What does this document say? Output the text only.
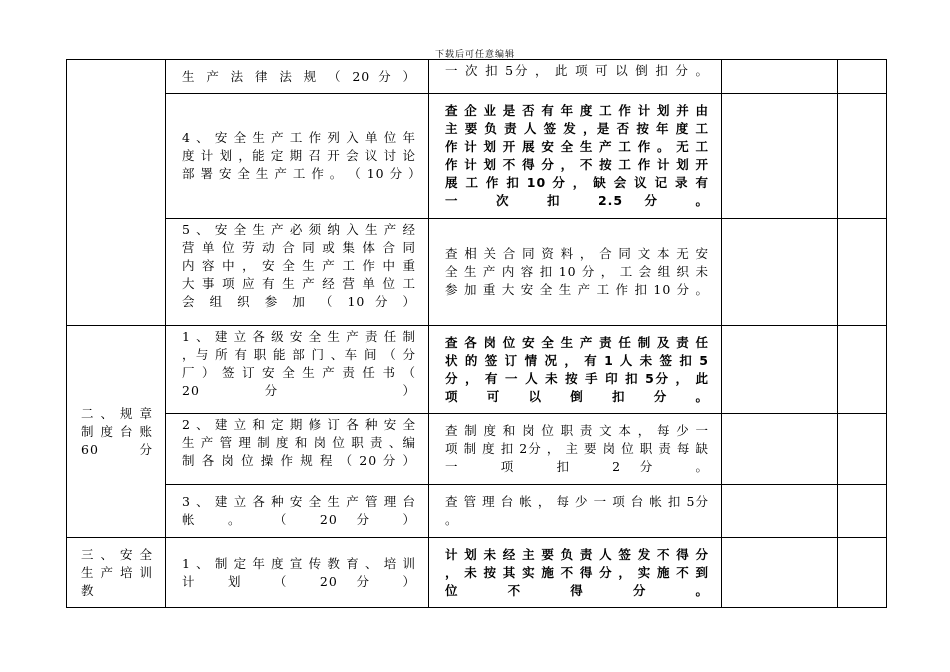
下载后可任意编辑
	生 产 法 律 法 规 （ 20 分 ）	一 次 扣 5分 ， 此 项 可 以 倒 扣 分 。		
	4 、 安 全 生 产 工 作 列 入 单 位 年 度 计 划 ，能 定 期 召 开 会 议 讨 论 部 署 安 全 生 产 工 作 。 （ 10 分 ）	查 企 业 是 否 有 年 度 工 作 计 划 并 由 主 要 负 责 人 签 发 ，是 否 按 年 度 工 作 计 划 开 展 安 全 生 产 工 作 。 无 工 作 计 划 不 得 分 ， 不 按 工 作 计 划 开 展 工 作 扣 10 分 ， 缺 会 议 记 录 有 一 次 扣 2.5 分 。		
	5 、 安 全 生 产 必 须 纳 入 生 产 经 营 单 位 劳 动 合 同 或 集 体 合 同 内 容 中 ， 安 全 生 产 工 作 中 重 大 事 项 应 有 生 产 经 营 单 位 工 会 组 织 参 加 （ 10 分 ）	查 相 关 合 同 资 料 ， 合 同 文 本 无 安 全 生 产 内 容 扣 10 分 ， 工 会 组 织 未 参 加 重 大 安 全 生 产 工 作 扣 10 分 。		
二 、 规 章 制 度 台 账 60 分	1 、 建 立 各 级 安 全 生 产 责 任 制 ，与 所 有 职 能 部 门 、车 间 （ 分 厂 ） 签 订 安 全 生 产 责 任 书 （ 20 分 ）	查 各 岗 位 安 全 生 产 责 任 制 及 责 任 状 的 签 订 情 况 ， 有 1 人 未 签 扣 5分 ， 有 一 人 未 按 手 印 扣 5分 ， 此 项 可 以 倒 扣 分 。		
	2 、 建 立 和 定 期 修 订 各 种 安 全 生 产 管 理 制 度 和 岗 位 职 责 、编 制 各 岗 位 操 作 规 程 （ 20 分 ）	查 制 度 和 岗 位 职 责 文 本 ， 每 少 一 项 制 度 扣 2分 ， 主 要 岗 位 职 责 每 缺 一 项 扣 2分 。		
	3 、 建 立 各 种 安 全 生 产 管 理 台 帐 。 （ 20 分 ）	查 管 理 台 帐 ， 每 少 一 项 台 帐 扣 5分 。		
三 、 安 全 生 产 培 训 教	1 、 制 定 年 度 宣 传 教 育 、 培 训 计 划 （ 20 分 ）	计 划 未 经 主 要 负 责 人 签 发 不 得 分 ， 未 按 其 实 施 不 得 分 ， 实 施 不 到 位 不 得 分 。		
